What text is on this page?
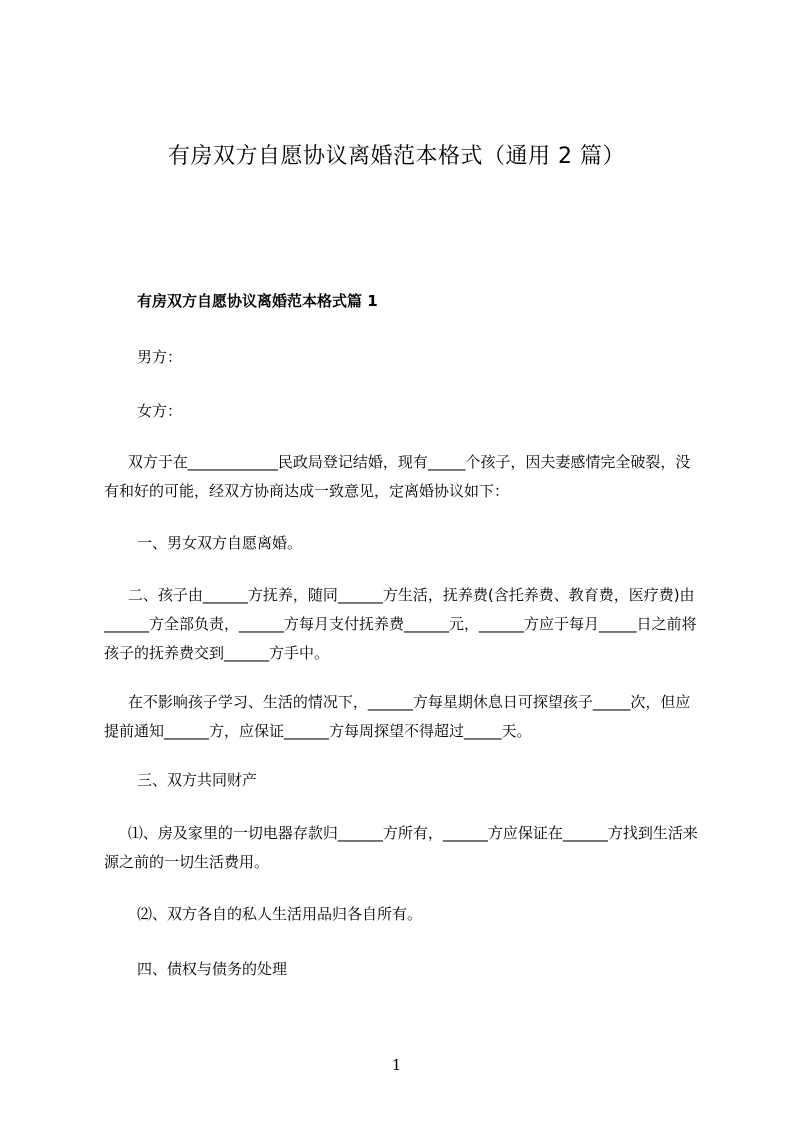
有房双方自愿协议离婚范本格式（通用 2 篇）
有房双方自愿协议离婚范本格式篇 1
男方：
女方：
双方于在____________民政局登记结婚，现有_____个孩子，因夫妻感情完全破裂，没有和好的可能，经双方协商达成一致意见，定离婚协议如下：
一、男女双方自愿离婚。
二、孩子由______方抚养，随同______方生活，抚养费(含托养费、教育费，医疗费)由______方全部负责，______方每月支付抚养费______元，______方应于每月_____日之前将孩子的抚养费交到______方手中。
在不影响孩子学习、生活的情况下，______方每星期休息日可探望孩子_____次，但应提前通知______方，应保证______方每周探望不得超过_____天。
三、双方共同财产
⑴、房及家里的一切电器存款归______方所有，______方应保证在______方找到生活来源之前的一切生活费用。
⑵、双方各自的私人生活用品归各自所有。
四、债权与债务的处理
1
